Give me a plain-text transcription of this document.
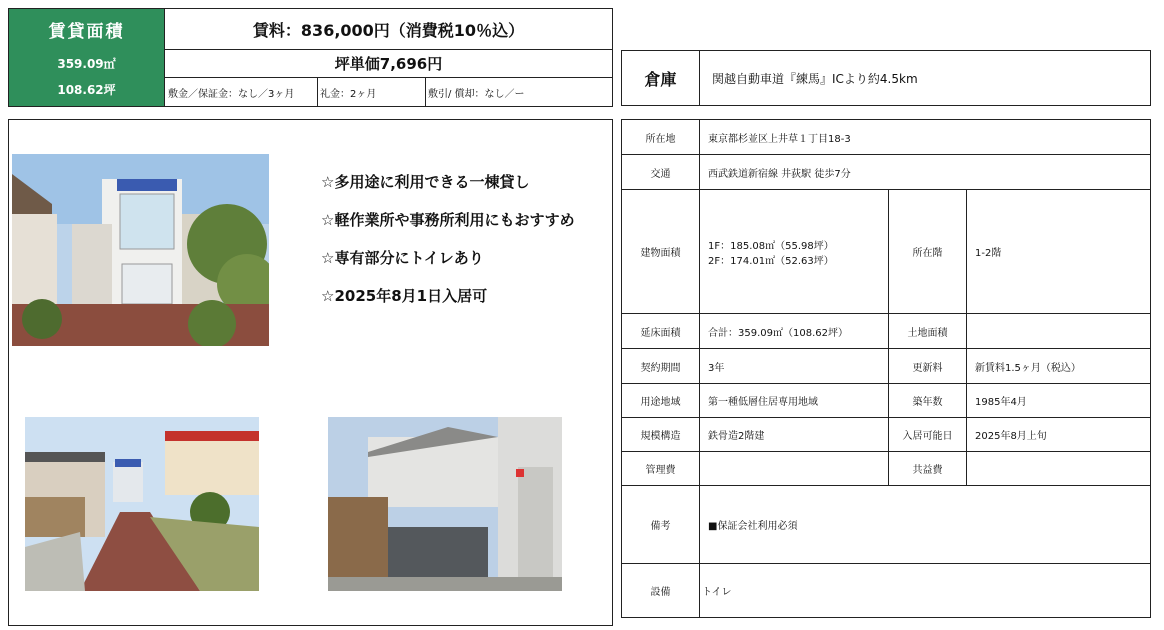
賃貸面積
359.09㎡
108.62坪
賃料：836,000円（消費税10％込）
坪単価7,696円
敷金／保証金：なし／3ヶ月	礼金：2ヶ月	敷引/ 償却：なし／ー
倉庫	関越自動車道『練馬』ICより約4.5km
☆多用途に利用できる一棟貸し
☆軽作業所や事務所利用にもおすすめ
☆専有部分にトイレあり
☆2025年8月1日入居可
所在地	東京都杉並区上井草１丁目18-3		
交通	西武鉄道新宿線 井荻駅 徒歩7分		
建物面積	1F：185.08㎡（55.98坪）
2F：174.01㎡（52.63坪）	所在階	1-2階
延床面積	合計：359.09㎡（108.62坪）	土地面積	
契約期間	3年	更新料	新賃料1.5ヶ月（税込）
用途地域	第一種低層住居専用地域	築年数	1985年4月
規模構造	鉄骨造2階建	入居可能日	2025年8月上旬
管理費		共益費	
備考	■保証会社利用必須		
設備	トイレ		
